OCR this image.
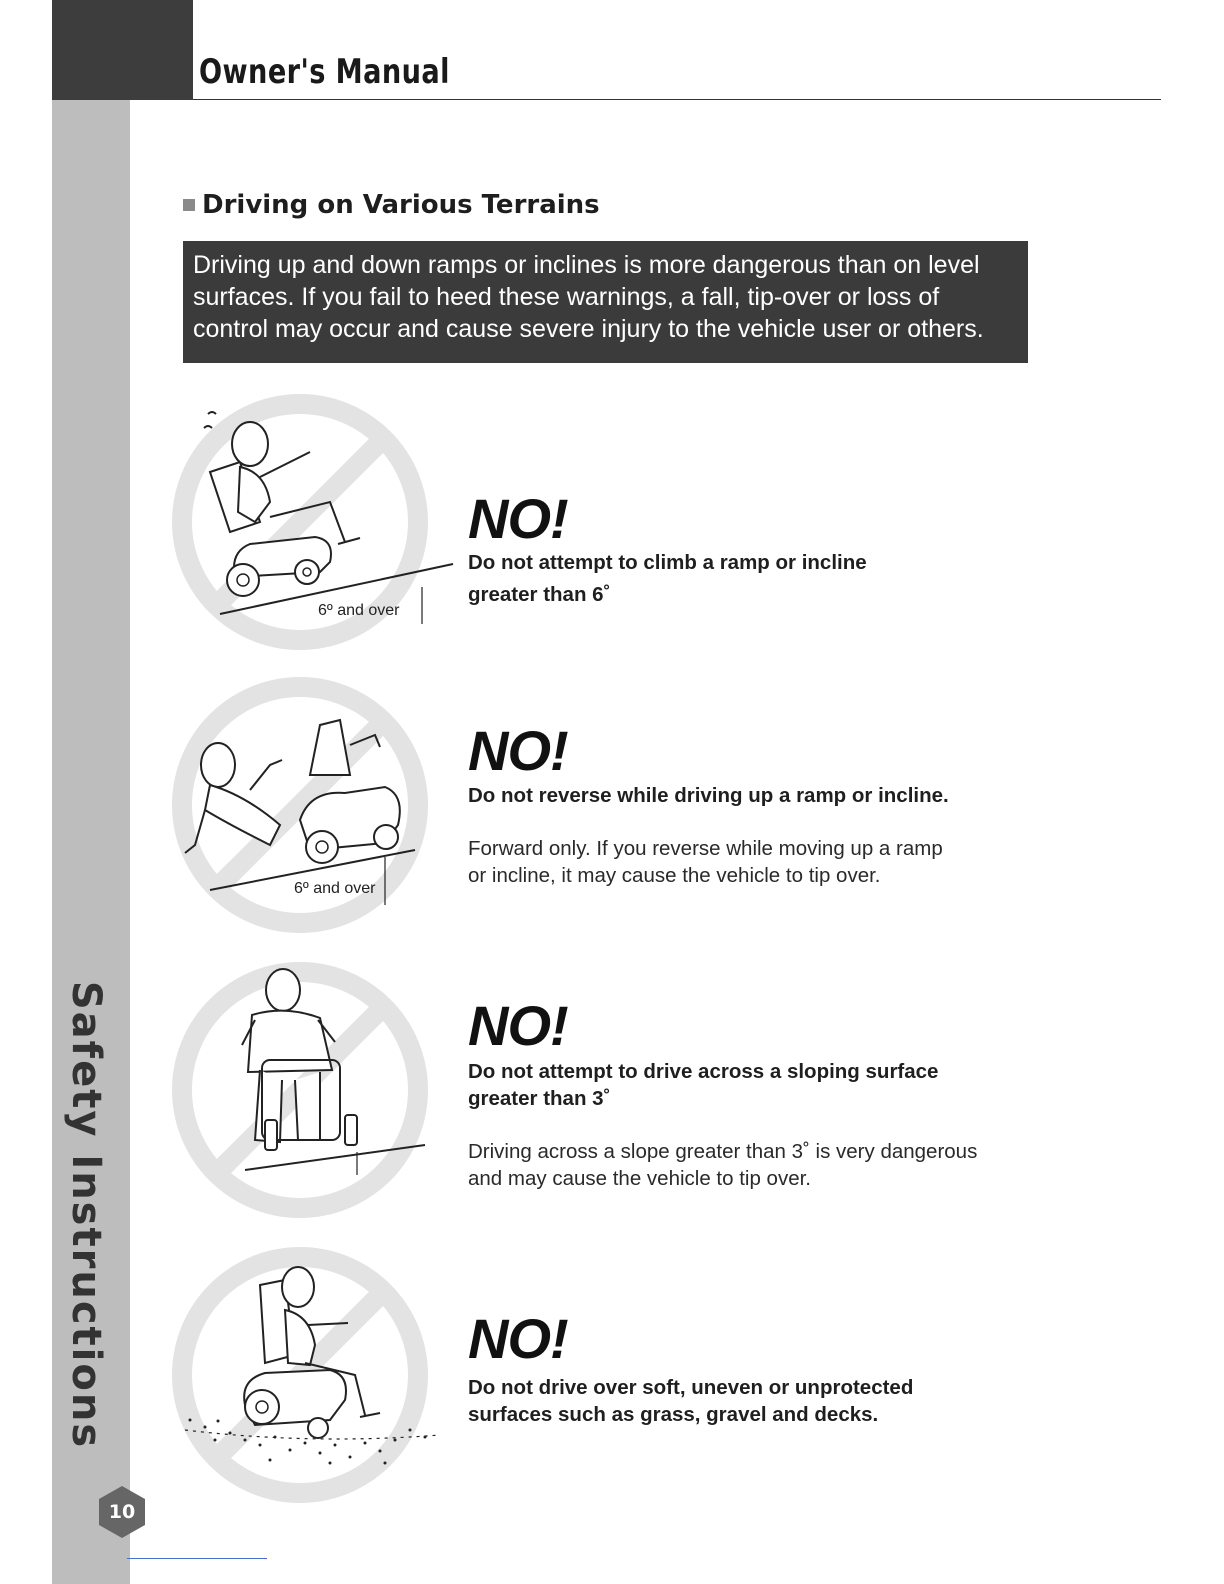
Owner's Manual
Safety Instructions
10
Driving on Various Terrains
Driving up and down ramps or inclines is more dangerous than on level
surfaces. If you fail to heed these warnings, a fall, tip-over or loss of
control may occur and cause severe injury to the vehicle user or others.
6º and over
NO!
Do not attempt to climb a ramp or incline
greater than 6˚
6º and over
NO!
Do not reverse while driving up a ramp or incline.
Forward only. If you reverse while moving up a ramp
or incline, it may cause the vehicle to tip over.
NO!
Do not attempt to drive across a sloping surface
greater than 3˚
Driving across a slope greater than 3˚ is very dangerous
and may cause the vehicle to tip over.
NO!
Do not drive over soft, uneven or unprotected
surfaces such as grass, gravel and decks.
